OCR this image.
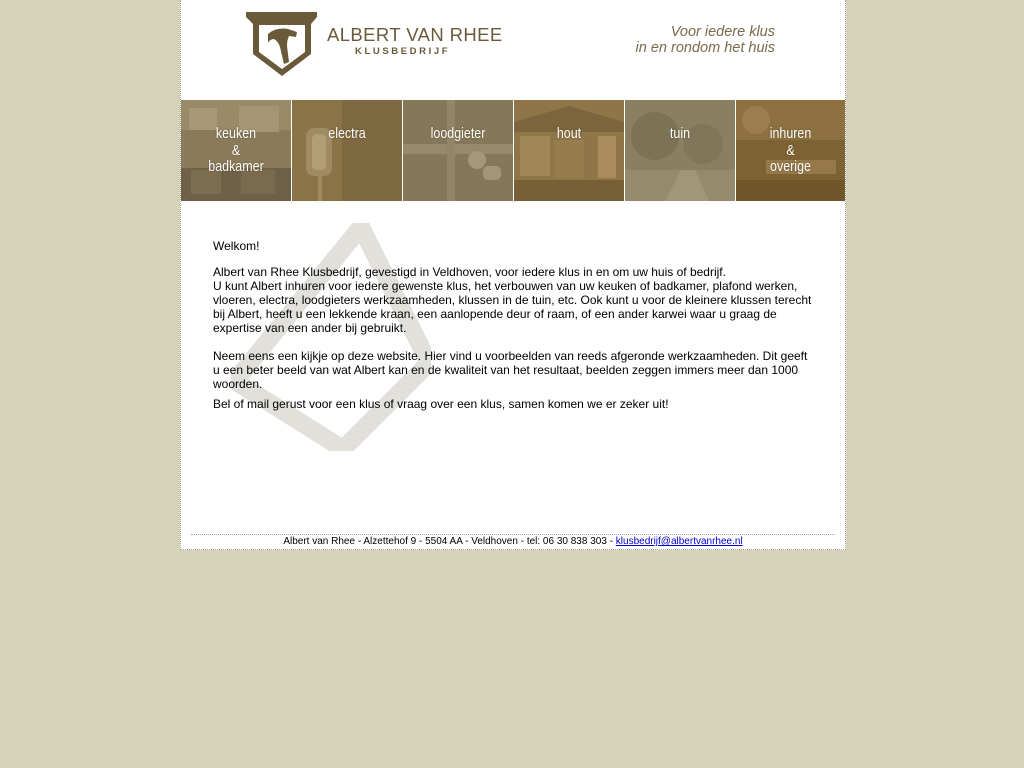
ALBERT VAN RHEE
KLUSBEDRIJF
Voor iedere klus
in en rondom het huis
keuken
&
badkamer
electra	loodgieter	hout	tuin	inhuren
&
overige

Welkom!

Albert van Rhee Klusbedrijf, gevestigd in Veldhoven, voor iedere klus in en om uw huis of bedrijf.

U kunt Albert inhuren voor iedere gewenste klus, het verbouwen van uw keuken of badkamer, plafond werken, vloeren, electra, loodgieters werkzaamheden, klussen in de tuin, etc. Ook kunt u voor de kleinere klussen terecht bij Albert, heeft u een lekkende kraan, een aanlopende deur of raam, of een ander karwei waar u graag de expertise van een ander bij gebruikt.

Neem eens een kijkje op deze website. Hier vind u voorbeelden van reeds afgeronde werkzaamheden. Dit geeft u een beter beeld van wat Albert kan en de kwaliteit van het resultaat, beelden zeggen immers meer dan 1000 woorden.

Bel of mail gerust voor een klus of vraag over een klus, samen komen we er zeker uit!

Albert van Rhee - Alzettehof 9 - 5504 AA - Veldhoven - tel: 06 30 838 303 - klusbedrijf@albertvanrhee.nl
